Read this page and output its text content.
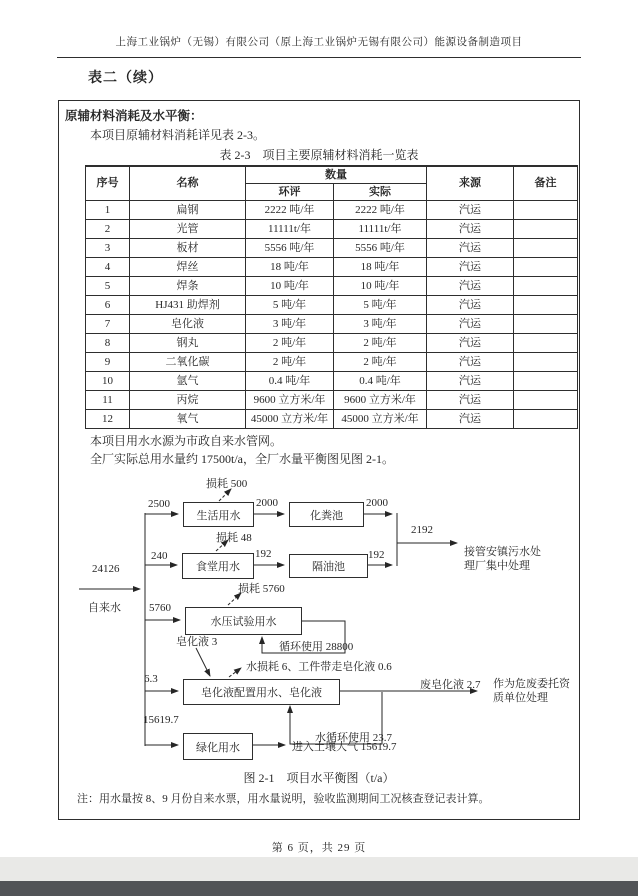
上海工业锅炉（无锡）有限公司（原上海工业锅炉无锡有限公司）能源设备制造项目
表二（续）
原辅材料消耗及水平衡：
本项目原辅材料消耗详见表 2-3。
表 2-3　项目主要原辅材料消耗一览表
序号	名称	数量		来源	备注
		环评	实际		
1	扁钢	2222 吨/年	2222 吨/年	汽运	
2	光管	11111t/年	11111t/年	汽运	
3	板材	5556 吨/年	5556 吨/年	汽运	
4	焊丝	18 吨/年	18 吨/年	汽运	
5	焊条	10 吨/年	10 吨/年	汽运	
6	HJ431 助焊剂	5 吨/年	5 吨/年	汽运	
7	皂化液	3 吨/年	3 吨/年	汽运	
8	钢丸	2 吨/年	2 吨/年	汽运	
9	二氧化碳	2 吨/年	2 吨/年	汽运	
10	氩气	0.4 吨/年	0.4 吨/年	汽运	
11	丙烷	9600 立方米/年	9600 立方米/年	汽运	
12	氧气	45000 立方米/年	45000 立方米/年	汽运	
本项目用水水源为市政自来水管网。
全厂实际总用水量约 17500t/a，全厂水量平衡图见图 2-1。
24126
自来水
生活用水	化粪池
食堂用水	隔油池
水压试验用水
皂化液配置用水、皂化液
绿化用水
2500
损耗 500
2000	2000
2192
接管安镇污水处理厂集中处理
240
损耗 48
192	192
5760
损耗 5760
循环使用 28800
皂化液 3
6.3
水损耗 6、工件带走皂化液 0.6
废皂化液 2.7 作为危废委托资质单位处理
水循环使用 23.7
15619.7
进入土壤大气 15619.7
图 2-1　项目水平衡图（t/a）
注：用水量按 8、9 月份自来水票，用水量说明，验收监测期间工况核查登记表计算。
第 6 页，共 29 页
